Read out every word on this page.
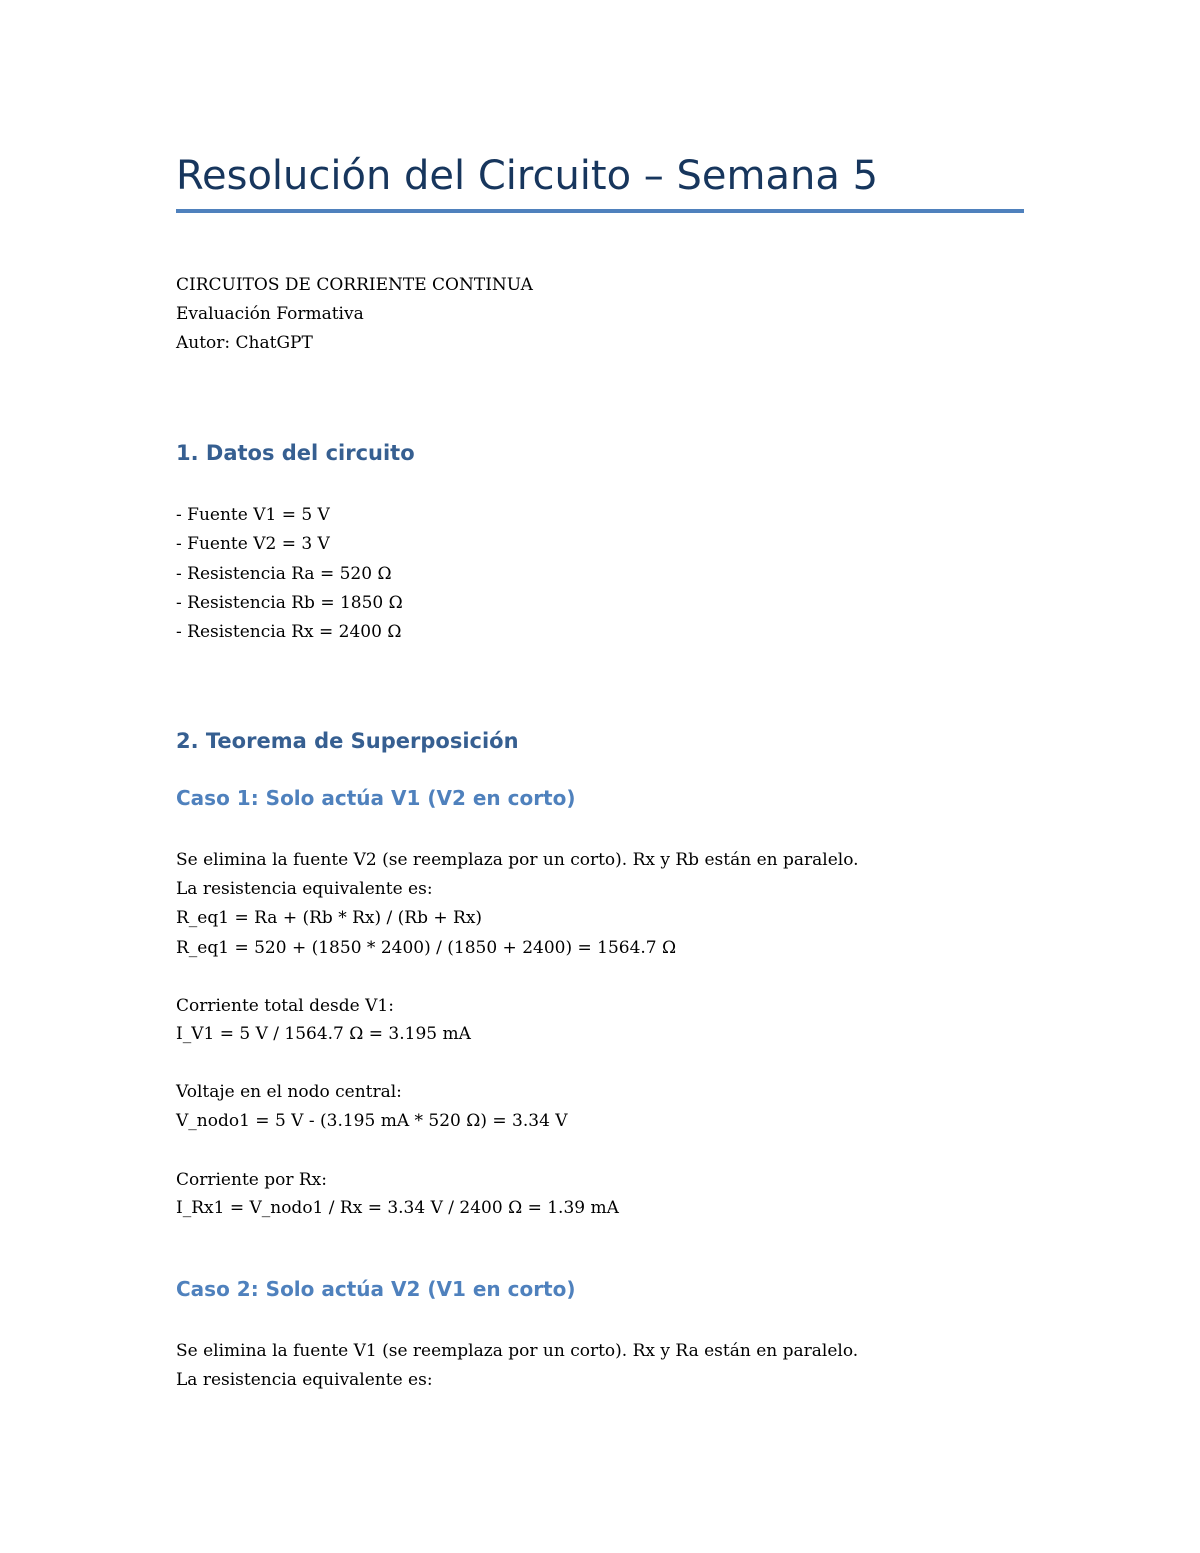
Resolución del Circuito – Semana 5
CIRCUITOS DE CORRIENTE CONTINUA
Evaluación Formativa
Autor: ChatGPT
1. Datos del circuito
- Fuente V1 = 5 V
- Fuente V2 = 3 V
- Resistencia Ra = 520 Ω
- Resistencia Rb = 1850 Ω
- Resistencia Rx = 2400 Ω
2. Teorema de Superposición
Caso 1: Solo actúa V1 (V2 en corto)
Se elimina la fuente V2 (se reemplaza por un corto). Rx y Rb están en paralelo.
La resistencia equivalente es:
R_eq1 = Ra + (Rb * Rx) / (Rb + Rx)
R_eq1 = 520 + (1850 * 2400) / (1850 + 2400) = 1564.7 Ω
Corriente total desde V1:
I_V1 = 5 V / 1564.7 Ω = 3.195 mA
Voltaje en el nodo central:
V_nodo1 = 5 V - (3.195 mA * 520 Ω) = 3.34 V
Corriente por Rx:
I_Rx1 = V_nodo1 / Rx = 3.34 V / 2400 Ω = 1.39 mA
Caso 2: Solo actúa V2 (V1 en corto)
Se elimina la fuente V1 (se reemplaza por un corto). Rx y Ra están en paralelo.
La resistencia equivalente es:
